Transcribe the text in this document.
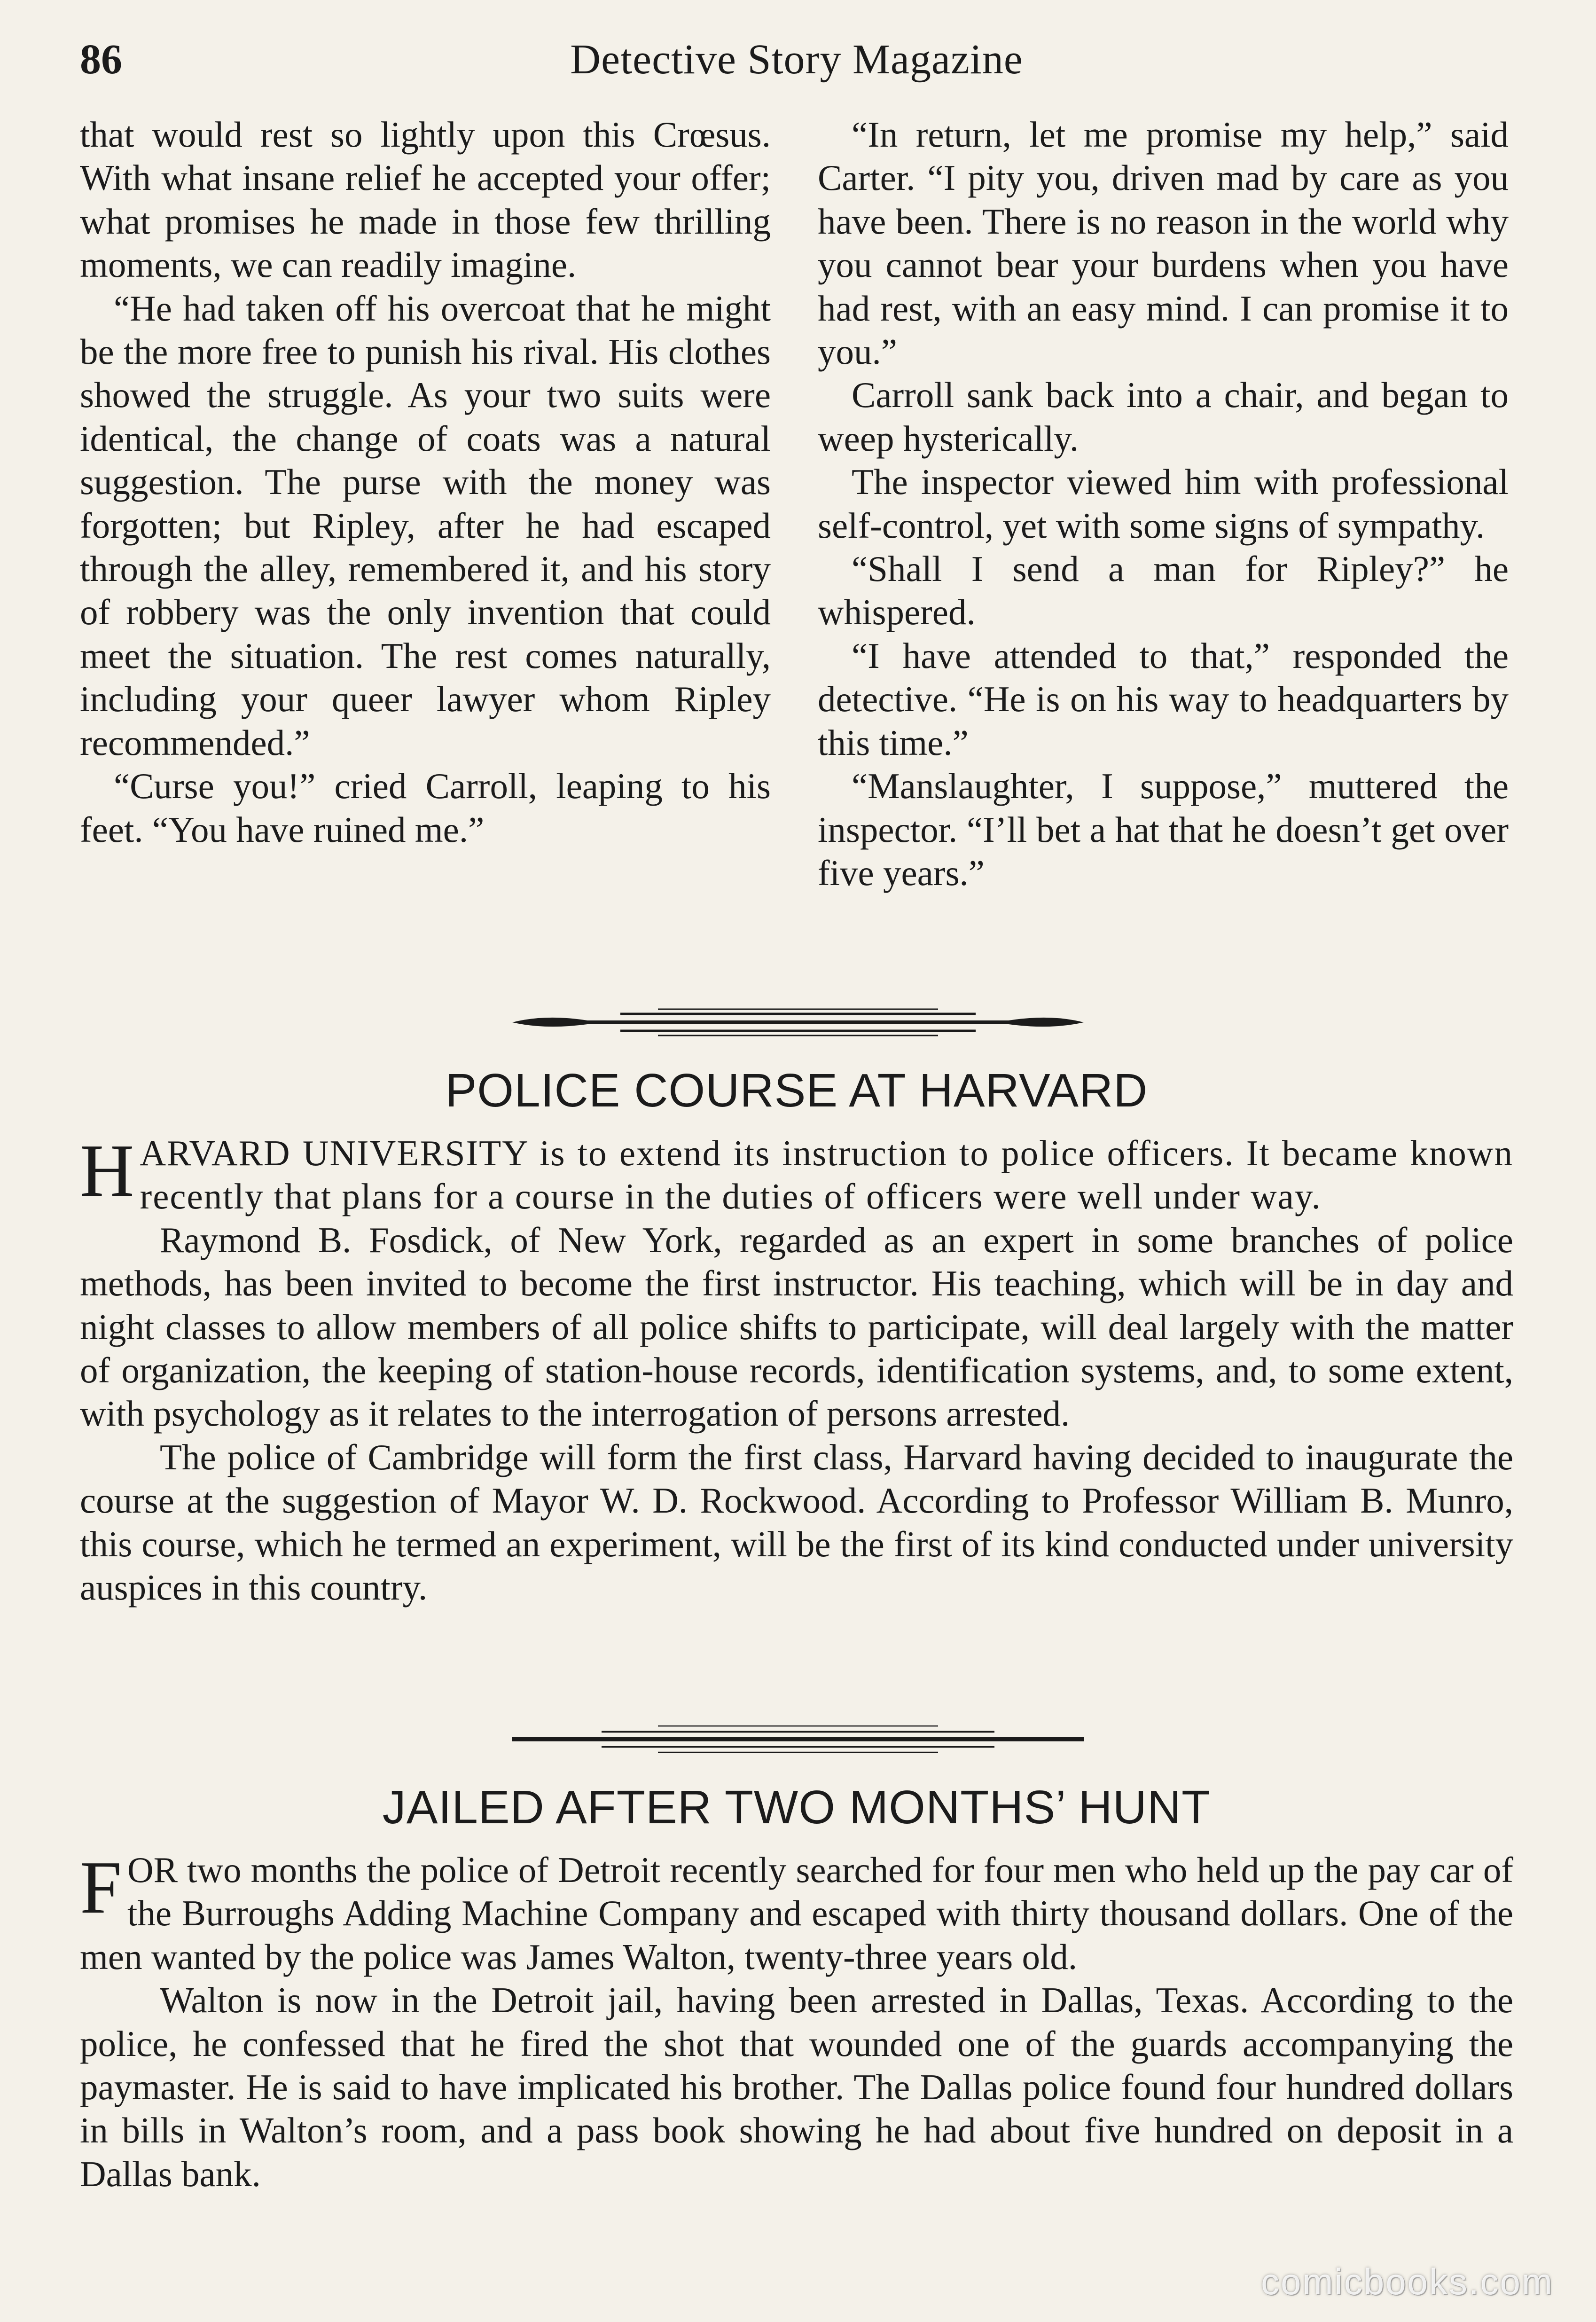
86	Detective Story Magazine

that would rest so lightly upon this Crœsus. With what insane relief he accepted your offer; what promises he made in those few thrilling moments, we can readily imagine.

“He had taken off his overcoat that he might be the more free to punish his rival. His clothes showed the struggle. As your two suits were identical, the change of coats was a natural suggestion. The purse with the money was forgotten; but Ripley, after he had escaped through the alley, remembered it, and his story of robbery was the only invention that could meet the situation. The rest comes naturally, including your queer lawyer whom Ripley recommended.”

“Curse you!” cried Carroll, leaping to his feet. “You have ruined me.”

“In return, let me promise my help,” said Carter. “I pity you, driven mad by care as you have been. There is no reason in the world why you cannot bear your burdens when you have had rest, with an easy mind. I can promise it to you.”

Carroll sank back into a chair, and began to weep hysterically.

The inspector viewed him with professional self-control, yet with some signs of sympathy.

“Shall I send a man for Ripley?” he whispered.

“I have attended to that,” responded the detective. “He is on his way to headquarters by this time.”

“Manslaughter, I suppose,” muttered the inspector. “I’ll bet a hat that he doesn’t get over five years.”

POLICE COURSE AT HARVARD

HARVARD UNIVERSITY is to extend its instruction to police officers. It became known recently that plans for a course in the duties of officers were well under way.

Raymond B. Fosdick, of New York, regarded as an expert in some branches of police methods, has been invited to become the first instructor. His teaching, which will be in day and night classes to allow members of all police shifts to participate, will deal largely with the matter of organization, the keeping of station-house records, identification systems, and, to some extent, with psychology as it relates to the interrogation of persons arrested.

The police of Cambridge will form the first class, Harvard having decided to inaugurate the course at the suggestion of Mayor W. D. Rockwood. According to Professor William B. Munro, this course, which he termed an experiment, will be the first of its kind conducted under university auspices in this country.

JAILED AFTER TWO MONTHS’ HUNT

FOR two months the police of Detroit recently searched for four men who held up the pay car of the Burroughs Adding Machine Company and escaped with thirty thousand dollars. One of the men wanted by the police was James Walton, twenty-three years old.

Walton is now in the Detroit jail, having been arrested in Dallas, Texas. According to the police, he confessed that he fired the shot that wounded one of the guards accompanying the paymaster. He is said to have implicated his brother. The Dallas police found four hundred dollars in bills in Walton’s room, and a pass book showing he had about five hundred on deposit in a Dallas bank.

comicbooks.com
